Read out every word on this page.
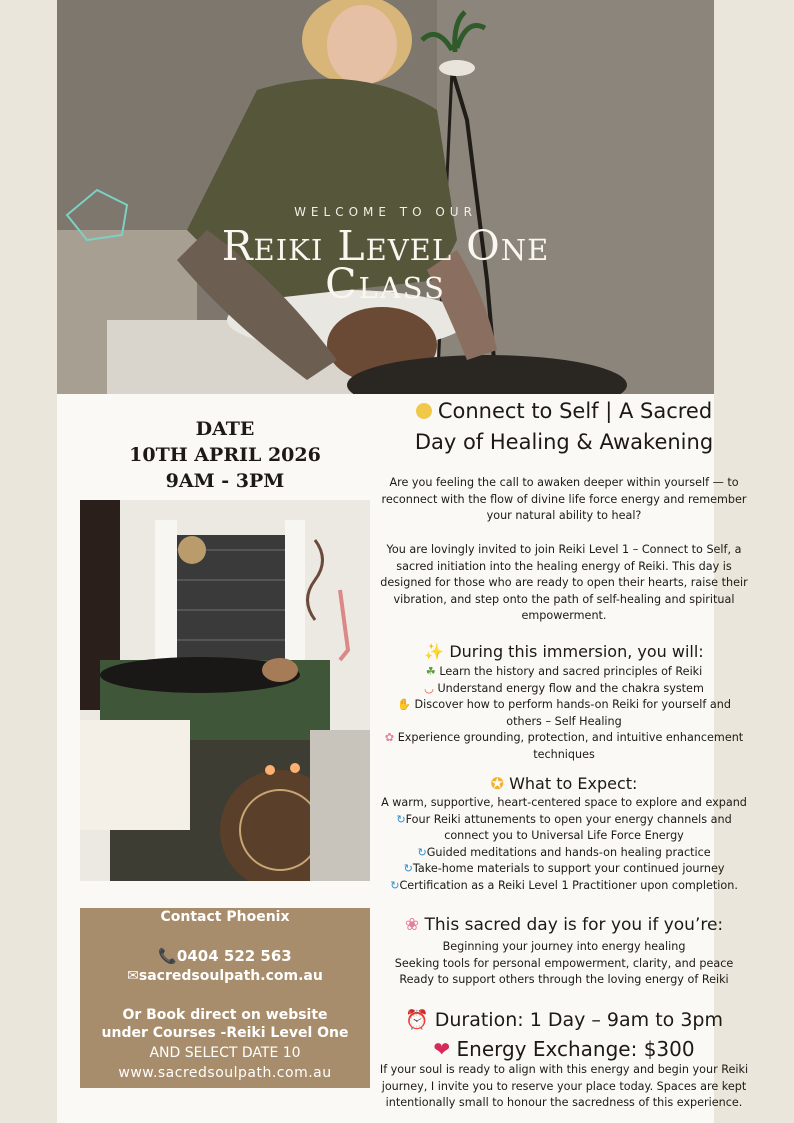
WELCOME TO OUR
Reiki Level One
Class
DATE
10TH APRIL 2026
9AM - 3PM
Contact Phoenix
📞0404 522 563
✉sacredsoulpath.com.au
Or Book direct on website
under Courses -Reiki Level One
AND SELECT DATE 10
www.sacredsoulpath.com.au
Connect to Self | A Sacred
Day of Healing & Awakening
Are you feeling the call to awaken deeper within yourself — to
reconnect with the flow of divine life force energy and remember
your natural ability to heal?
You are lovingly invited to join Reiki Level 1 – Connect to Self, a
sacred initiation into the healing energy of Reiki. This day is
designed for those who are ready to open their hearts, raise their
vibration, and step onto the path of self-healing and spiritual
empowerment.
✨ During this immersion, you will:
☘ Learn the history and sacred principles of Reiki
◡ Understand energy flow and the chakra system
✋ Discover how to perform hands-on Reiki for yourself and
others – Self Healing
✿ Experience grounding, protection, and intuitive enhancement
techniques
✪ What to Expect:
A warm, supportive, heart-centered space to explore and expand
↻Four Reiki attunements to open your energy channels and
connect you to Universal Life Force Energy
↻Guided meditations and hands-on healing practice
↻Take-home materials to support your continued journey
↻Certification as a Reiki Level 1 Practitioner upon completion.
❀ This sacred day is for you if you’re:
Beginning your journey into energy healing
Seeking tools for personal empowerment, clarity, and peace
Ready to support others through the loving energy of Reiki
⏰ Duration: 1 Day – 9am to 3pm
❤ Energy Exchange: $300
If your soul is ready to align with this energy and begin your Reiki
journey, I invite you to reserve your place today. Spaces are kept
intentionally small to honour the sacredness of this experience.
